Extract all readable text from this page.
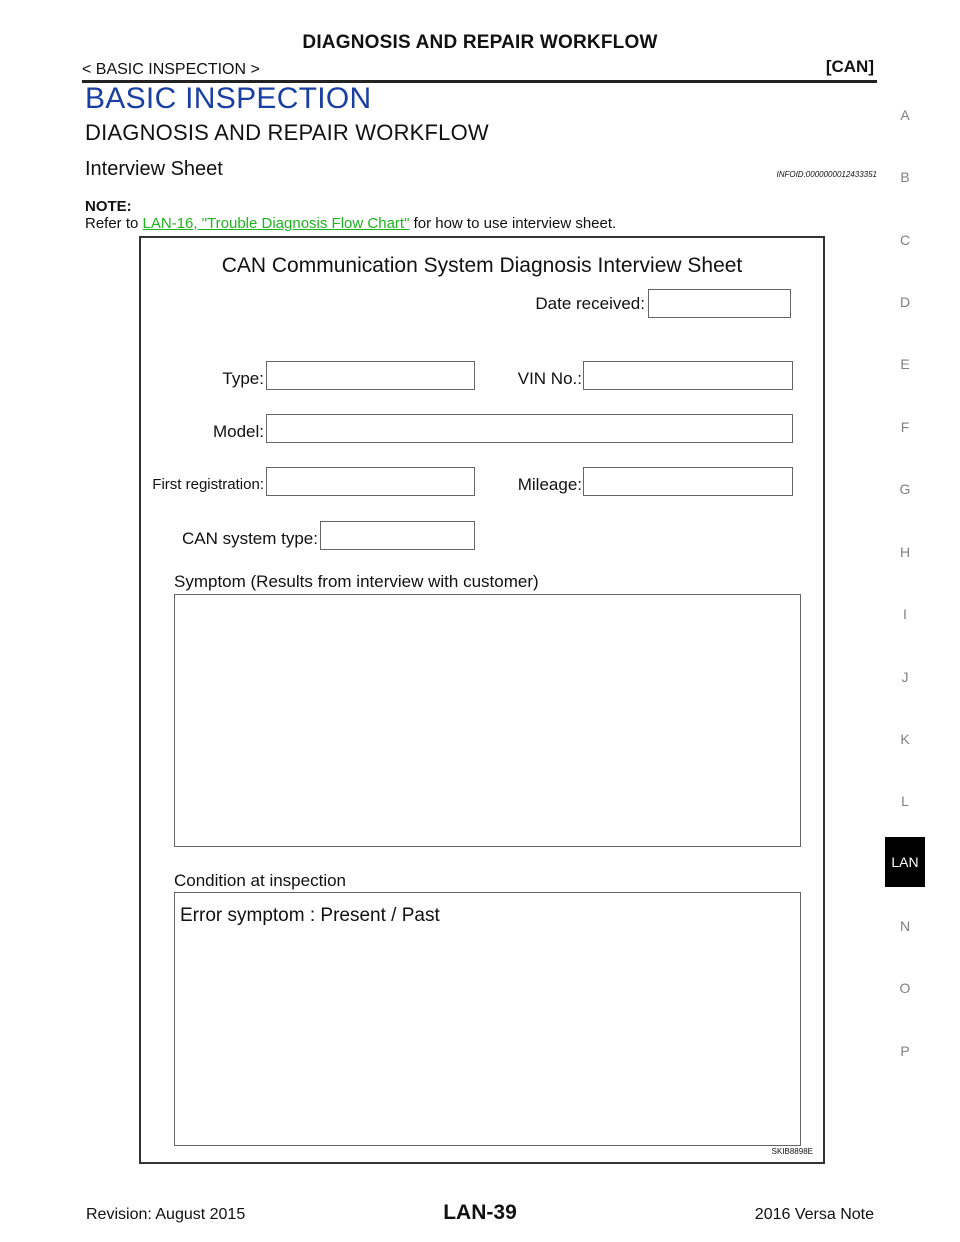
DIAGNOSIS AND REPAIR WORKFLOW
< BASIC INSPECTION >	[CAN]
BASIC INSPECTION
DIAGNOSIS AND REPAIR WORKFLOW
Interview Sheet	INFOID:0000000012433351
NOTE:
Refer to LAN-16, "Trouble Diagnosis Flow Chart" for how to use interview sheet.
A
B
C
D
E
F
G
H
I
J
K
L
LAN
N
O
P
CAN Communication System Diagnosis Interview Sheet
Date received:
Type:	VIN No.:
Model:
First registration:	Mileage:
CAN system type:
Symptom (Results from interview with customer)
Condition at inspection
Error symptom : Present / Past
SKIB8898E
Revision: August 2015	LAN-39	2016 Versa Note
